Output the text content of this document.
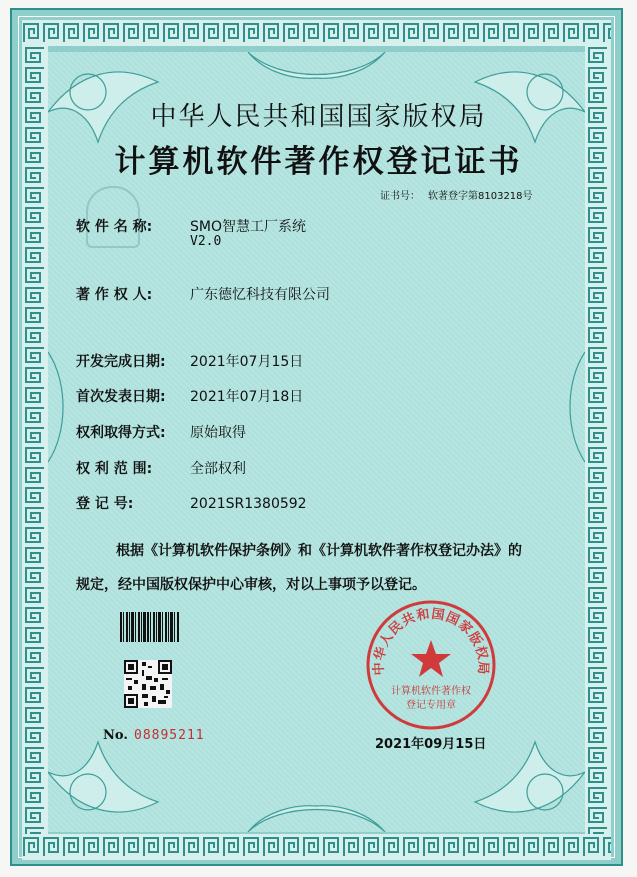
中华人民共和国国家版权局
计算机软件著作权登记证书
证书号： 软著登字第8103218号
软 件 名 称:	SMO智慧工厂系统
V2.0
著 作 权 人:	广东德忆科技有限公司
开发完成日期: 2021年07月15日
首次发表日期: 2021年07月18日
权利取得方式: 原始取得
权 利 范 围:	全部权利
登 记 号:	2021SR1380592
根据《计算机软件保护条例》和《计算机软件著作权登记办法》的
规定，经中国版权保护中心审核，对以上事项予以登记。
No. 08895211
中华人民共和国国家版权局
计算机软件著作权
登记专用章
2021年09月15日
